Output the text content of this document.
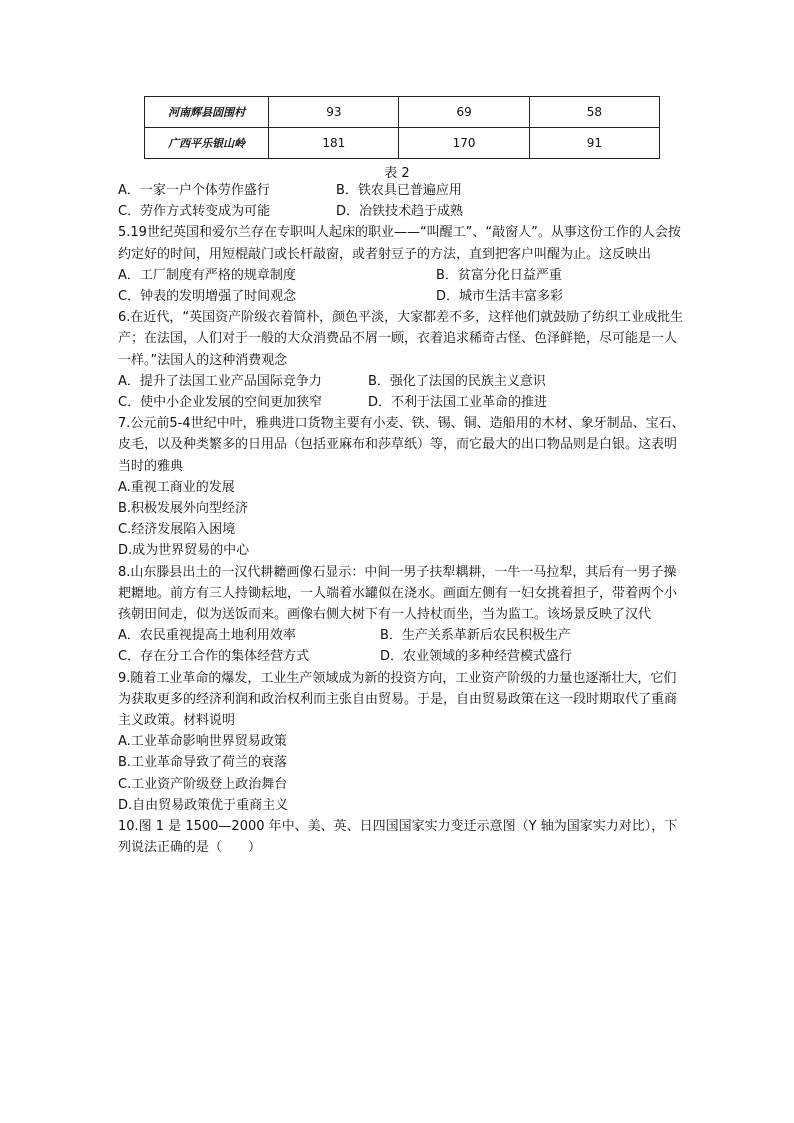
河南辉县固围村	93	69	58
广西平乐银山岭	181	170	91
表 2
A．一家一户个体劳作盛行	B．铁农具已普遍应用
C．劳作方式转变成为可能	D．冶铁技术趋于成熟

5.19世纪英国和爱尔兰存在专职叫人起床的职业——“叫醒工”、“敲窗人”。从事这份工作的人会按约定好的时间，用短棍敲门或长杆敲窗，或者射豆子的方法，直到把客户叫醒为止。这反映出

A．工厂制度有严格的规章制度	B．贫富分化日益严重
C．钟表的发明增强了时间观念	D．城市生活丰富多彩

6.在近代，“英国资产阶级衣着简朴，颜色平淡，大家都差不多，这样他们就鼓励了纺织工业成批生产；在法国，人们对于一般的大众消费品不屑一顾，衣着追求稀奇古怪、色泽鲜艳，尽可能是一人一样。”法国人的这种消费观念

A．提升了法国工业产品国际竞争力	B．强化了法国的民族主义意识
C．使中小企业发展的空间更加狭窄	D．不利于法国工业革命的推进

7.公元前5-4世纪中叶，雅典进口货物主要有小麦、铁、锡、铜、造船用的木材、象牙制品、宝石、皮毛，以及种类繁多的日用品（包括亚麻布和莎草纸）等，而它最大的出口物品则是白银。这表明当时的雅典

A.重视工商业的发展

B.积极发展外向型经济

C.经济发展陷入困境

D.成为世界贸易的中心

8.山东滕县出土的一汉代耕耱画像石显示：中间一男子扶犁耦耕，一牛一马拉犁，其后有一男子操耙耱地。前方有三人持锄耘地，一人端着水罐似在浇水。画面左侧有一妇女挑着担子，带着两个小孩朝田间走，似为送饭而来。画像右侧大树下有一人持杖而坐，当为监工。该场景反映了汉代

A．农民重视提高土地利用效率	B．生产关系革新后农民积极生产
C．存在分工合作的集体经营方式	D．农业领域的多种经营模式盛行

9.随着工业革命的爆发，工业生产领域成为新的投资方向，工业资产阶级的力量也逐渐壮大，它们为获取更多的经济利润和政治权利而主张自由贸易。于是，自由贸易政策在这一段时期取代了重商主义政策。材料说明

A.工业革命影响世界贸易政策

B.工业革命导致了荷兰的衰落

C.工业资产阶级登上政治舞台

D.自由贸易政策优于重商主义

10.图 1 是 1500—2000 年中、美、英、日四国国家实力变迁示意图（Y 轴为国家实力对比），下列说法正确的是（　　）
